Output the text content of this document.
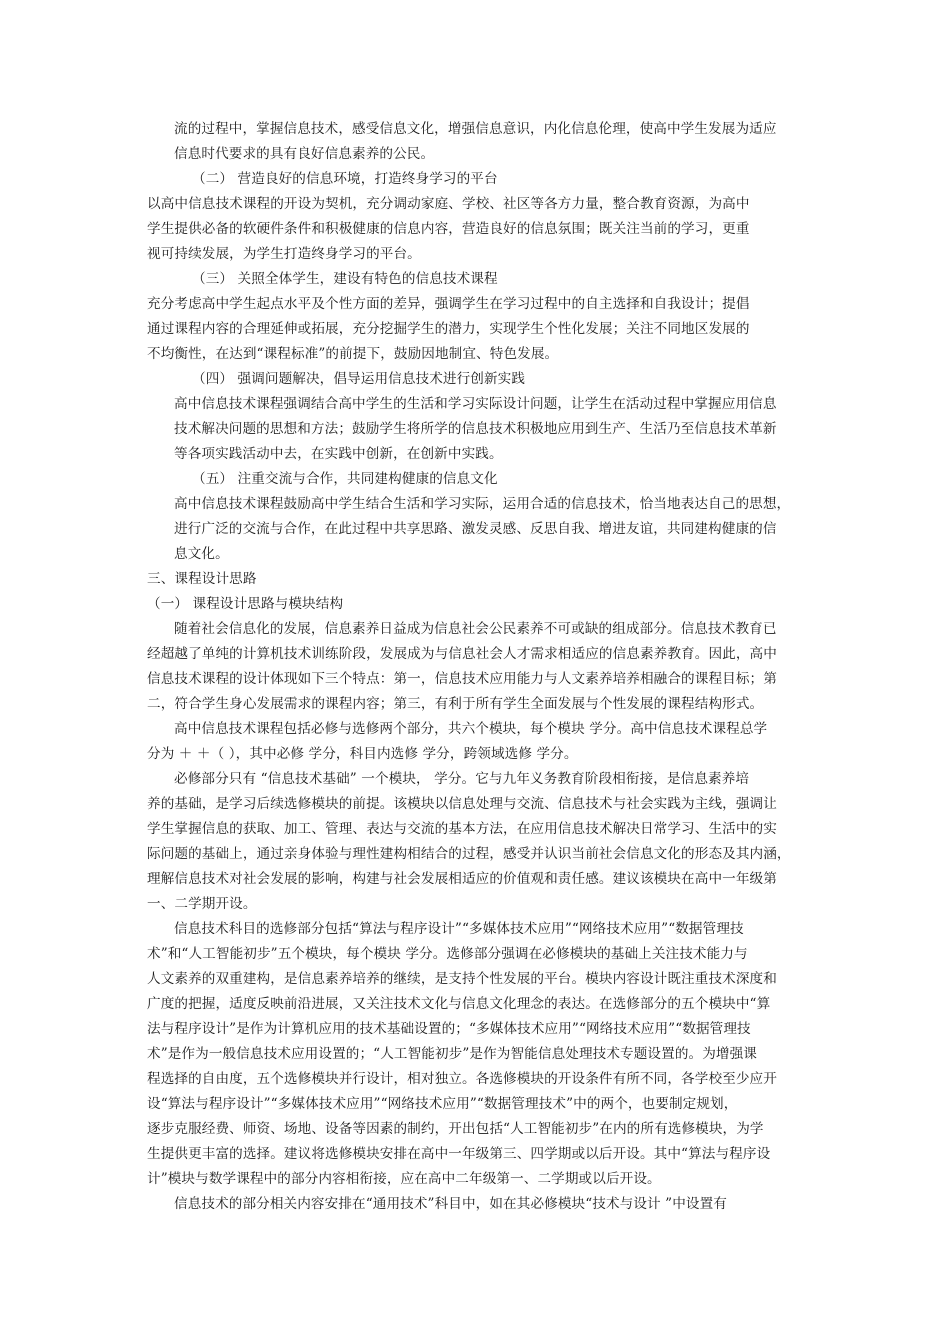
流的过程中，掌握信息技术，感受信息文化，增强信息意识，内化信息伦理，使高中学生发展为适应
信息时代要求的具有良好信息素养的公民。
（二） 营造良好的信息环境，打造终身学习的平台
以高中信息技术课程的开设为契机，充分调动家庭、学校、社区等各方力量，整合教育资源，为高中
学生提供必备的软硬件条件和积极健康的信息内容，营造良好的信息氛围；既关注当前的学习，更重
视可持续发展，为学生打造终身学习的平台。
（三） 关照全体学生，建设有特色的信息技术课程
充分考虑高中学生起点水平及个性方面的差异，强调学生在学习过程中的自主选择和自我设计；提倡
通过课程内容的合理延伸或拓展，充分挖掘学生的潜力，实现学生个性化发展；关注不同地区发展的
不均衡性，在达到“课程标准”的前提下，鼓励因地制宜、特色发展。
（四） 强调问题解决，倡导运用信息技术进行创新实践
高中信息技术课程强调结合高中学生的生活和学习实际设计问题，让学生在活动过程中掌握应用信息
技术解决问题的思想和方法；鼓励学生将所学的信息技术积极地应用到生产、生活乃至信息技术革新
等各项实践活动中去，在实践中创新，在创新中实践。
（五） 注重交流与合作，共同建构健康的信息文化
高中信息技术课程鼓励高中学生结合生活和学习实际，运用合适的信息技术，恰当地表达自己的思想，
进行广泛的交流与合作，在此过程中共享思路、激发灵感、反思自我、增进友谊，共同建构健康的信
息文化。
三、课程设计思路
（一） 课程设计思路与模块结构
随着社会信息化的发展，信息素养日益成为信息社会公民素养不可或缺的组成部分。信息技术教育已
经超越了单纯的计算机技术训练阶段，发展成为与信息社会人才需求相适应的信息素养教育。因此，高中
信息技术课程的设计体现如下三个特点：第一，信息技术应用能力与人文素养培养相融合的课程目标；第
二，符合学生身心发展需求的课程内容；第三，有利于所有学生全面发展与个性发展的课程结构形式。
高中信息技术课程包括必修与选修两个部分，共六个模块，每个模块 学分。高中信息技术课程总学
分为 ＋ ＋（ ），其中必修 学分，科目内选修 学分，跨领域选修 学分。
必修部分只有 “信息技术基础” 一个模块， 学分。它与九年义务教育阶段相衔接，是信息素养培
养的基础，是学习后续选修模块的前提。该模块以信息处理与交流、信息技术与社会实践为主线，强调让
学生掌握信息的获取、加工、管理、表达与交流的基本方法，在应用信息技术解决日常学习、生活中的实
际问题的基础上，通过亲身体验与理性建构相结合的过程，感受并认识当前社会信息文化的形态及其内涵，
理解信息技术对社会发展的影响，构建与社会发展相适应的价值观和责任感。建议该模块在高中一年级第
一、二学期开设。
信息技术科目的选修部分包括“算法与程序设计”“多媒体技术应用”“网络技术应用”“数据管理技
术”和“人工智能初步”五个模块，每个模块 学分。选修部分强调在必修模块的基础上关注技术能力与
人文素养的双重建构，是信息素养培养的继续，是支持个性发展的平台。模块内容设计既注重技术深度和
广度的把握，适度反映前沿进展，又关注技术文化与信息文化理念的表达。在选修部分的五个模块中“算
法与程序设计”是作为计算机应用的技术基础设置的；“多媒体技术应用”“网络技术应用”“数据管理技
术”是作为一般信息技术应用设置的；“人工智能初步”是作为智能信息处理技术专题设置的。为增强课
程选择的自由度，五个选修模块并行设计，相对独立。各选修模块的开设条件有所不同，各学校至少应开
设“算法与程序设计”“多媒体技术应用”“网络技术应用”“数据管理技术”中的两个，也要制定规划，
逐步克服经费、师资、场地、设备等因素的制约，开出包括“人工智能初步”在内的所有选修模块，为学
生提供更丰富的选择。建议将选修模块安排在高中一年级第三、四学期或以后开设。其中“算法与程序设
计”模块与数学课程中的部分内容相衔接，应在高中二年级第一、二学期或以后开设。
信息技术的部分相关内容安排在“通用技术”科目中，如在其必修模块“技术与设计 ”中设置有
